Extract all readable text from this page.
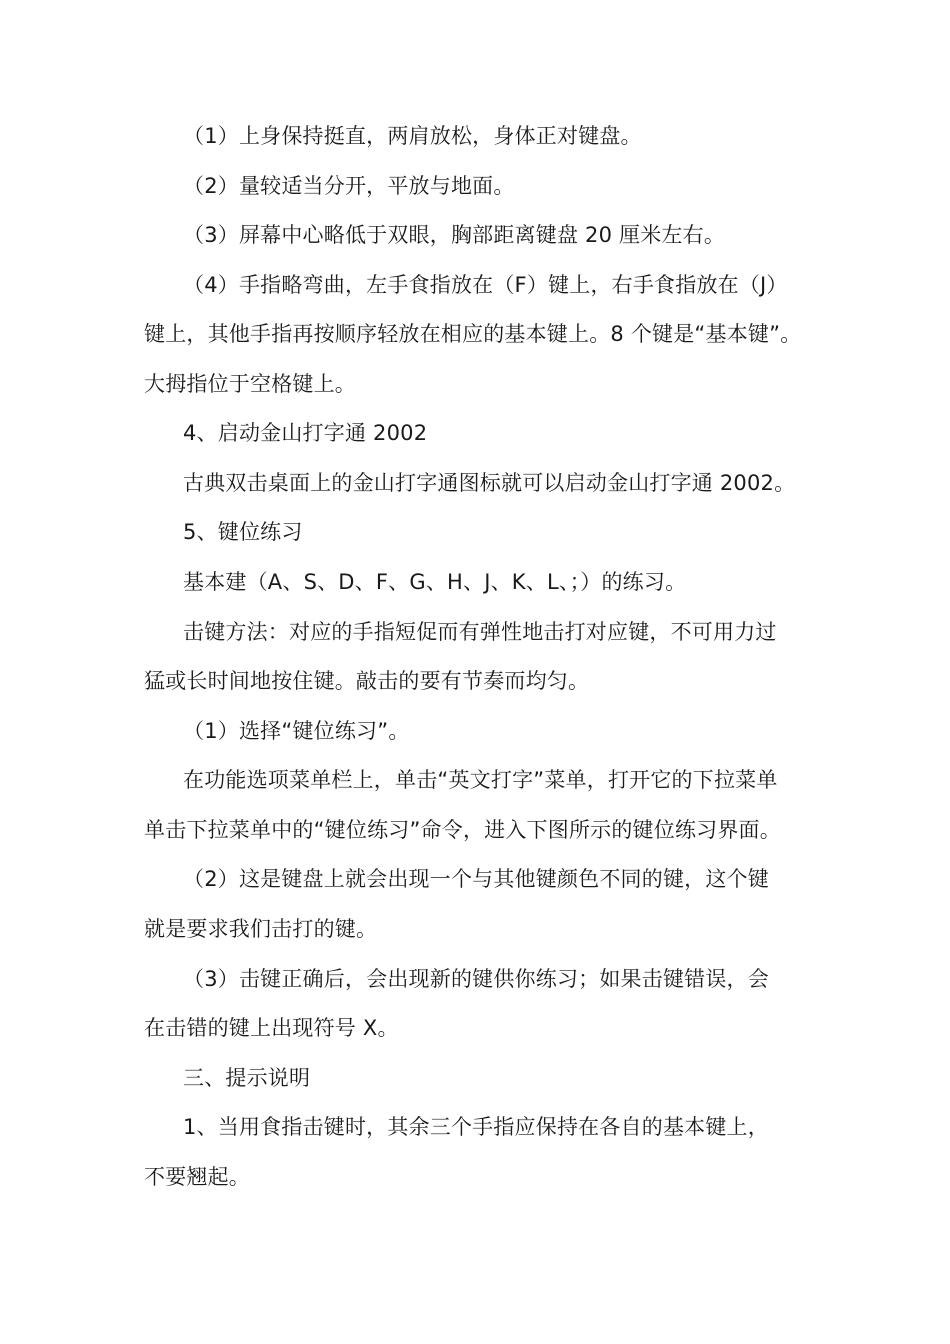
（1）上身保持挺直，两肩放松，身体正对键盘。
（2）量较适当分开，平放与地面。
（3）屏幕中心略低于双眼，胸部距离键盘 20 厘米左右。
（4）手指略弯曲，左手食指放在（F）键上，右手食指放在（J）
键上，其他手指再按顺序轻放在相应的基本键上。8 个键是“基本键”。
大拇指位于空格键上。
4、启动金山打字通 2002
古典双击桌面上的金山打字通图标就可以启动金山打字通 2002。
5、键位练习
基本建（A、S、D、F、G、H、J、K、L、；）的练习。
击键方法：对应的手指短促而有弹性地击打对应键，不可用力过
猛或长时间地按住键。敲击的要有节奏而均匀。
（1）选择“键位练习”。
在功能选项菜单栏上，单击“英文打字”菜单，打开它的下拉菜单
单击下拉菜单中的“键位练习”命令，进入下图所示的键位练习界面。
（2）这是键盘上就会出现一个与其他键颜色不同的键，这个键
就是要求我们击打的键。
（3）击键正确后，会出现新的键供你练习；如果击键错误，会
在击错的键上出现符号 X。
三、提示说明
1、当用食指击键时，其余三个手指应保持在各自的基本键上，
不要翘起。
